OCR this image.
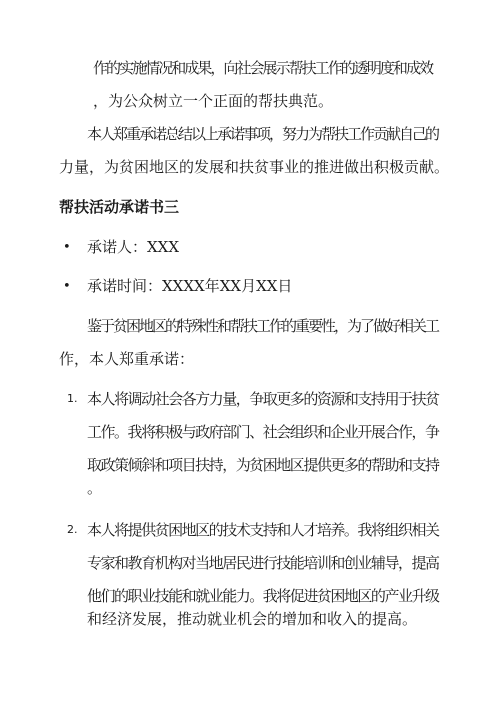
作的实施情况和成果，向社会展示帮扶工作的透明度和成效
，为公众树立一个正面的帮扶典范。
本人郑重承诺总结以上承诺事项，努力为帮扶工作贡献自己的
力量，为贫困地区的发展和扶贫事业的推进做出积极贡献。
帮扶活动承诺书三
• 承诺人：XXX
• 承诺时间：XXXX年XX月XX日
鉴于贫困地区的特殊性和帮扶工作的重要性，为了做好相关工
作，本人郑重承诺：
1. 本人将调动社会各方力量，争取更多的资源和支持用于扶贫
工作。我将积极与政府部门、社会组织和企业开展合作，争
取政策倾斜和项目扶持，为贫困地区提供更多的帮助和支持
。
2. 本人将提供贫困地区的技术支持和人才培养。我将组织相关
专家和教育机构对当地居民进行技能培训和创业辅导，提高
他们的职业技能和就业能力。我将促进贫困地区的产业升级
和经济发展，推动就业机会的增加和收入的提高。
